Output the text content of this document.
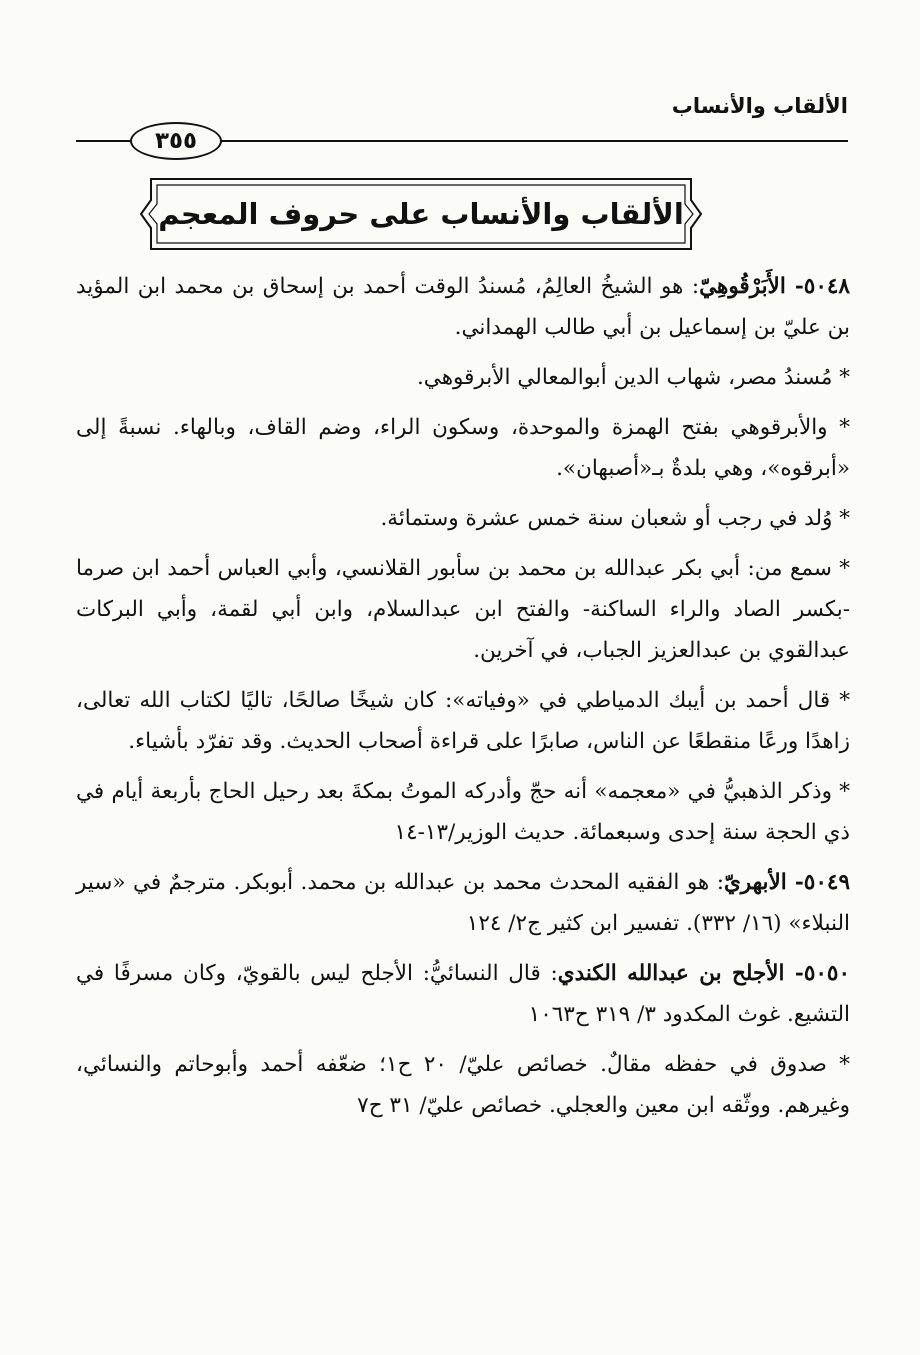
الألقاب والأنساب
٣٥٥
الألقاب والأنساب على حروف المعجم

٥٠٤٨- الأَبَرْقُوهِيّ: هو الشيخُ العالِمُ، مُسندُ الوقت أحمد بن إسحاق بن محمد ابن المؤيد بن عليّ بن إسماعيل بن أبي طالب الهمداني.

* مُسندُ مصر، شهاب الدين أبوالمعالي الأبرقوهي.

* والأبرقوهي بفتح الهمزة والموحدة، وسكون الراء، وضم القاف، وبالهاء. نسبةً إلى «أبرقوه»، وهي بلدةٌ بـ«أصبهان».

* وُلد في رجب أو شعبان سنة خمس عشرة وستمائة.

* سمع من: أبي بكر عبدالله بن محمد بن سأبور القلانسي، وأبي العباس أحمد ابن صرما -بكسر الصاد والراء الساكنة- والفتح ابن عبدالسلام، وابن أبي لقمة، وأبي البركات عبدالقوي بن عبدالعزيز الجباب، في آخرين.

* قال أحمد بن أيبك الدمياطي في «وفياته»: كان شيخًا صالحًا، تاليًا لكتاب الله تعالى، زاهدًا ورعًا منقطعًا عن الناس، صابرًا على قراءة أصحاب الحديث. وقد تفرّد بأشياء.

* وذكر الذهبيُّ في «معجمه» أنه حجّ وأدركه الموتُ بمكةَ بعد رحيل الحاج بأربعة أيام في ذي الحجة سنة إحدى وسبعمائة. حديث الوزير/١٣-١٤

٥٠٤٩- الأبهريّ: هو الفقيه المحدث محمد بن عبدالله بن محمد. أبوبكر. مترجمٌ في «سير النبلاء» (١٦/ ٣٣٢). تفسير ابن كثير ج٢/ ١٢٤

٥٠٥٠- الأجلح بن عبدالله الكندي: قال النسائيُّ: الأجلح ليس بالقويّ، وكان مسرفًا في التشيع. غوث المكدود ٣/ ٣١٩ ح١٠٦٣

* صدوق في حفظه مقالٌ. خصائص عليّ/ ٢٠ ح١؛ ضعّفه أحمد وأبوحاتم والنسائي، وغيرهم. ووثّقه ابن معين والعجلي. خصائص عليّ/ ٣١ ح٧
